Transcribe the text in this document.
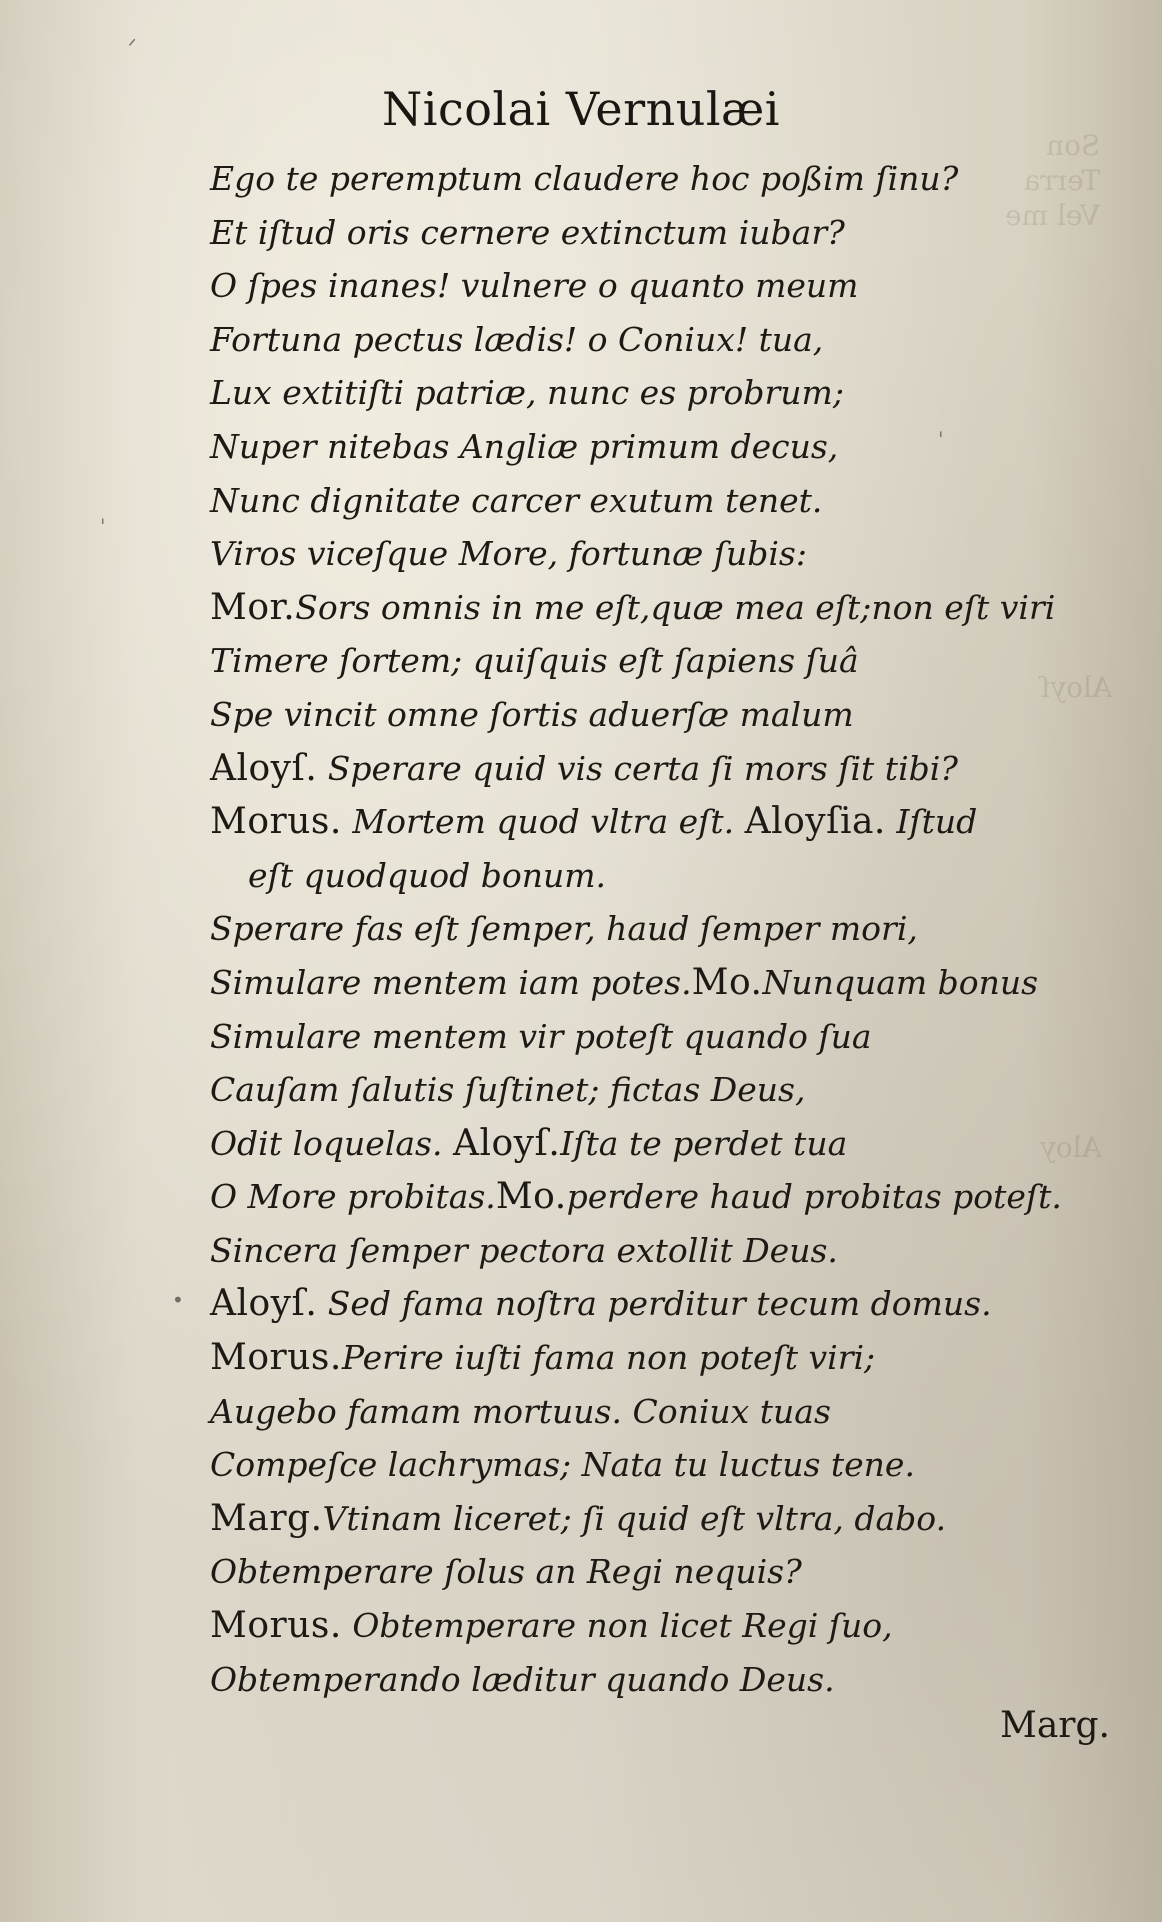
Son
Terra
Vel me
Aloyſ
Aloy
ᐟ
ˈ
ˈ
•
Nicolai Vernulæi
Ego te peremptum claudere hoc poßim ſinu?
Et iſtud oris cernere extinctum iubar?
O ſpes inanes! vulnere o quanto meum
Fortuna pectus lædis! o Coniux! tua,
Lux extitiſti patriæ, nunc es probrum;
Nuper nitebas Angliæ primum decus,
Nunc dignitate carcer exutum tenet.
Viros viceſque More, fortunæ ſubis:
Mor.Sors omnis in me eſt,quæ mea eſt;non eſt viri
Timere ſortem; quiſquis eſt ſapiens ſuâ
Spe vincit omne ſortis aduerſæ malum
Aloyſ. Sperare quid vis certa ſi mors ſit tibi?
Morus. Mortem quod vltra eſt. Aloyſia. Iſtud
eſt quodquod bonum.
Sperare fas eſt ſemper, haud ſemper mori,
Simulare mentem iam potes.Mo.Nunquam bonus
Simulare mentem vir poteſt quando ſua
Cauſam ſalutis ſuſtinet; fictas Deus,
Odit loquelas. Aloyſ.Iſta te perdet tua
O More probitas.Mo.perdere haud probitas poteſt.
Sincera ſemper pectora extollit Deus.
Aloyſ. Sed fama noſtra perditur tecum domus.
Morus.Perire iuſti fama non poteſt viri;
Augebo famam mortuus. Coniux tuas
Compeſce lachrymas; Nata tu luctus tene.
Marg.Vtinam liceret; ſi quid eſt vltra, dabo.
Obtemperare ſolus an Regi nequis?
Morus. Obtemperare non licet Regi ſuo,
Obtemperando læditur quando Deus.
Marg.
